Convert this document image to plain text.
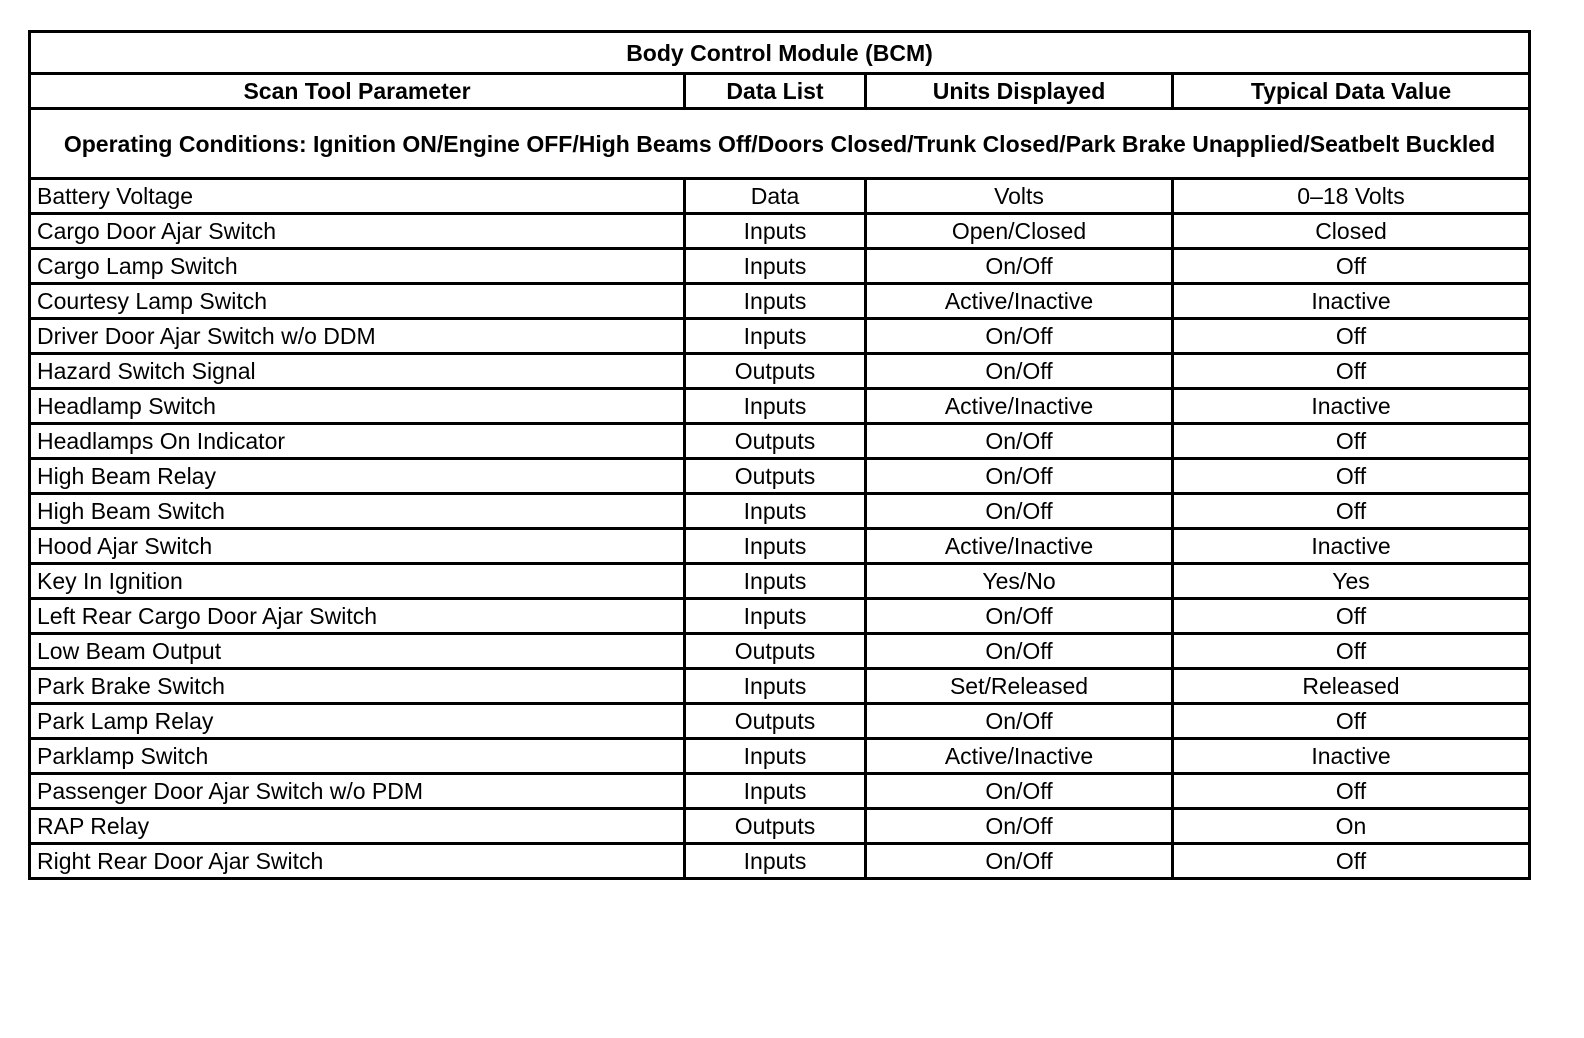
Body Control Module (BCM)			
Scan Tool Parameter	Data List	Units Displayed	Typical Data Value
Operating Conditions: Ignition ON/Engine OFF/High Beams Off/Doors Closed/Trunk Closed/Park Brake Unapplied/Seatbelt Buckled			
Battery Voltage	Data	Volts	0–18 Volts
Cargo Door Ajar Switch	Inputs	Open/Closed	Closed
Cargo Lamp Switch	Inputs	On/Off	Off
Courtesy Lamp Switch	Inputs	Active/Inactive	Inactive
Driver Door Ajar Switch w/o DDM	Inputs	On/Off	Off
Hazard Switch Signal	Outputs	On/Off	Off
Headlamp Switch	Inputs	Active/Inactive	Inactive
Headlamps On Indicator	Outputs	On/Off	Off
High Beam Relay	Outputs	On/Off	Off
High Beam Switch	Inputs	On/Off	Off
Hood Ajar Switch	Inputs	Active/Inactive	Inactive
Key In Ignition	Inputs	Yes/No	Yes
Left Rear Cargo Door Ajar Switch	Inputs	On/Off	Off
Low Beam Output	Outputs	On/Off	Off
Park Brake Switch	Inputs	Set/Released	Released
Park Lamp Relay	Outputs	On/Off	Off
Parklamp Switch	Inputs	Active/Inactive	Inactive
Passenger Door Ajar Switch w/o PDM	Inputs	On/Off	Off
RAP Relay	Outputs	On/Off	On
Right Rear Door Ajar Switch	Inputs	On/Off	Off
